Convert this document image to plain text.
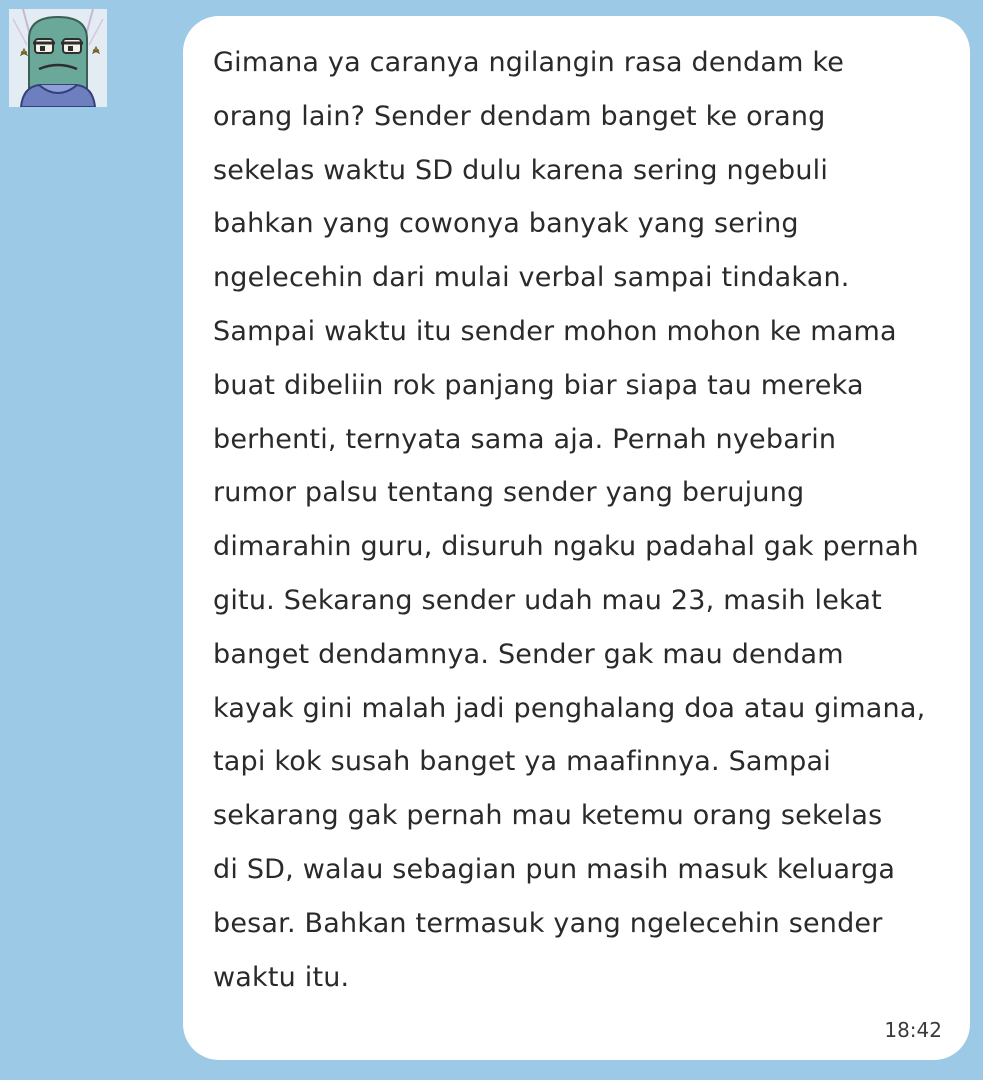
Gimana ya caranya ngilangin rasa dendam ke
orang lain? Sender dendam banget ke orang
sekelas waktu SD dulu karena sering ngebuli
bahkan yang cowonya banyak yang sering
ngelecehin dari mulai verbal sampai tindakan.
Sampai waktu itu sender mohon mohon ke mama
buat dibeliin rok panjang biar siapa tau mereka
berhenti, ternyata sama aja. Pernah nyebarin
rumor palsu tentang sender yang berujung
dimarahin guru, disuruh ngaku padahal gak pernah
gitu. Sekarang sender udah mau 23, masih lekat
banget dendamnya. Sender gak mau dendam
kayak gini malah jadi penghalang doa atau gimana,
tapi kok susah banget ya maafinnya. Sampai
sekarang gak pernah mau ketemu orang sekelas
di SD, walau sebagian pun masih masuk keluarga
besar. Bahkan termasuk yang ngelecehin sender
waktu itu.

18:42
